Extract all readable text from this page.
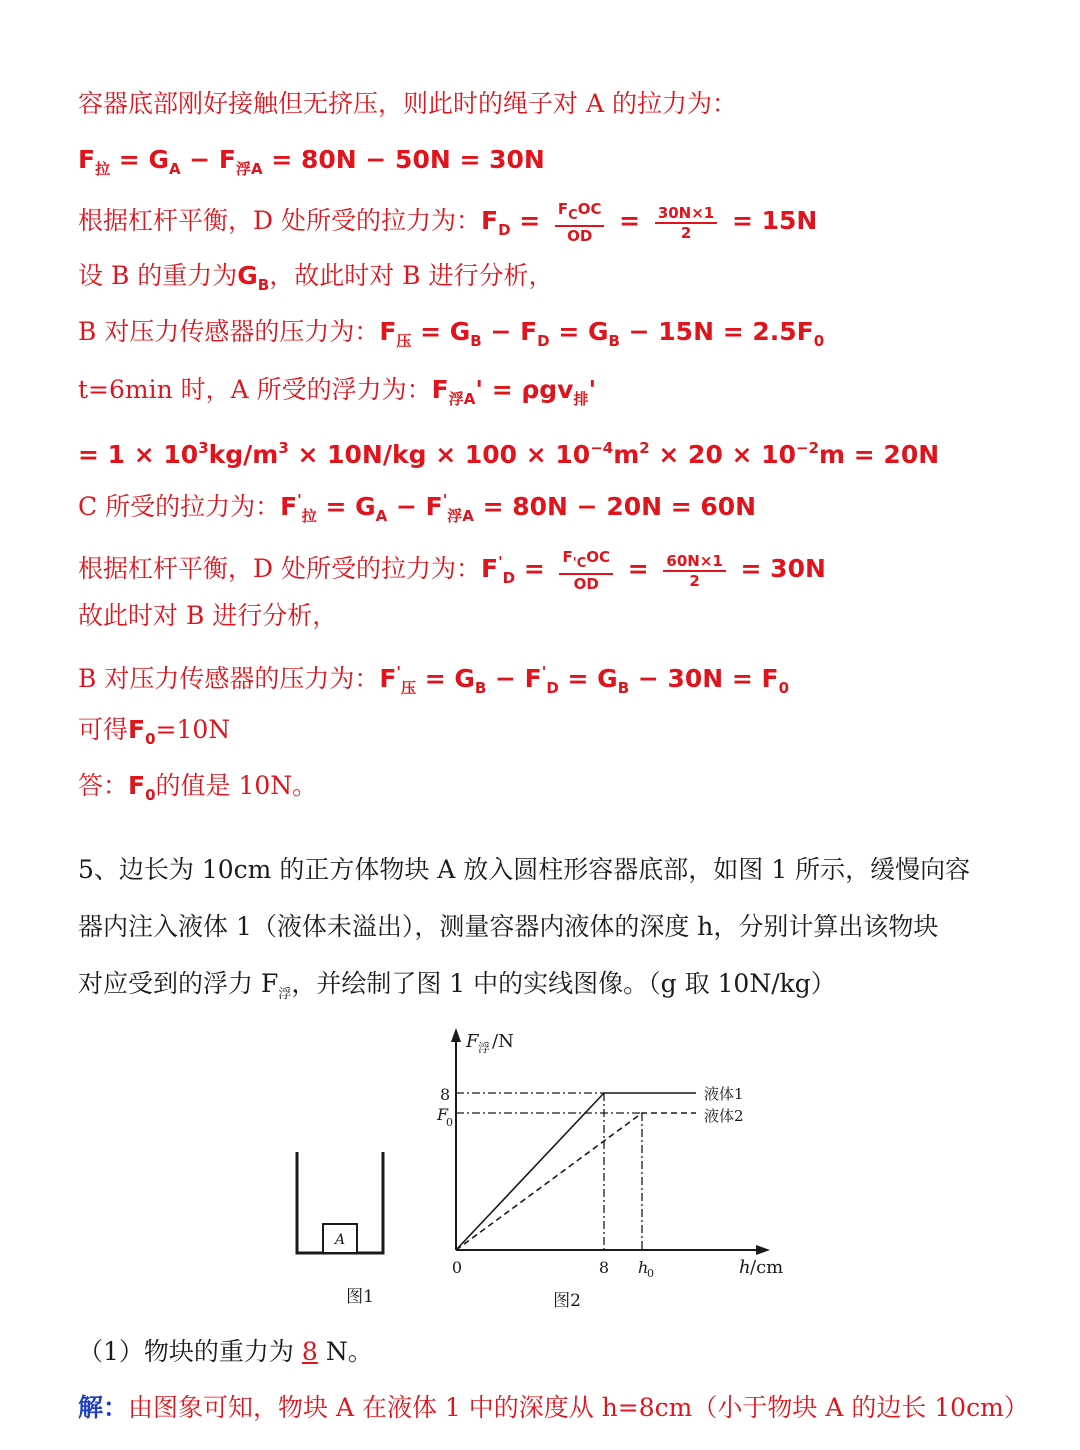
容器底部刚好接触但无挤压，则此时的绳子对 A 的拉力为：
$F_拉 = G_A - F_{浮A} = 80N - 50N = 30N$
根据杠杆平衡，D 处所受的拉力为：$F_D = \frac{\text{FCOC}}{OD} = \frac{30N\times 1}{2} = 15N$
设 B 的重力为$G_B$，故此时对 B 进行分析，
B 对压力传感器的压力为：$F_压 = G_B - F_D = G_B - 15N = 2.5F_0$
t=6min 时，A 所受的浮力为：$F_{浮A}' = \rho gv_排'$
= $1 \times 10^3kg/m^3 \times 10N/kg \times 100 \times 10^{-4}m^2 \times 20 \times 10^{-2}m = 20N$
C 所受的拉力为：$F'_拉 = G_A - F'_{浮A} = 80N - 20N = 60N$
根据杠杆平衡，D 处所受的拉力为：$F'_D = \frac{\text{F'COC}}{OD} = \frac{60N\times 1}{2} = 30N$
故此时对 B 进行分析，
B 对压力传感器的压力为：$F'_压 = G_B - F'_D = G_B - 30N = F_0$
可得$F_0=10N$
答：$F_0$的值是 10N。
5、边长为 10cm 的正方体物块 A 放入圆柱形容器底部，如图 1 所示，缓慢向容
器内注入液体 1（液体未溢出），测量容器内液体的深度 h，分别计算出该物块
对应受到的浮力 $F_浮$，并绘制了图 1 中的实线图像。（g 取 10N/kg）
A
图1
F 浮 /N
8
F
0
0	8 h
0	h /cm
液体1
液体2
图2
（1）物块的重力为 8 N。
解：由图象可知，物块 A 在液体 1 中的深度从 h=8cm（小于物块 A 的边长 10cm）
